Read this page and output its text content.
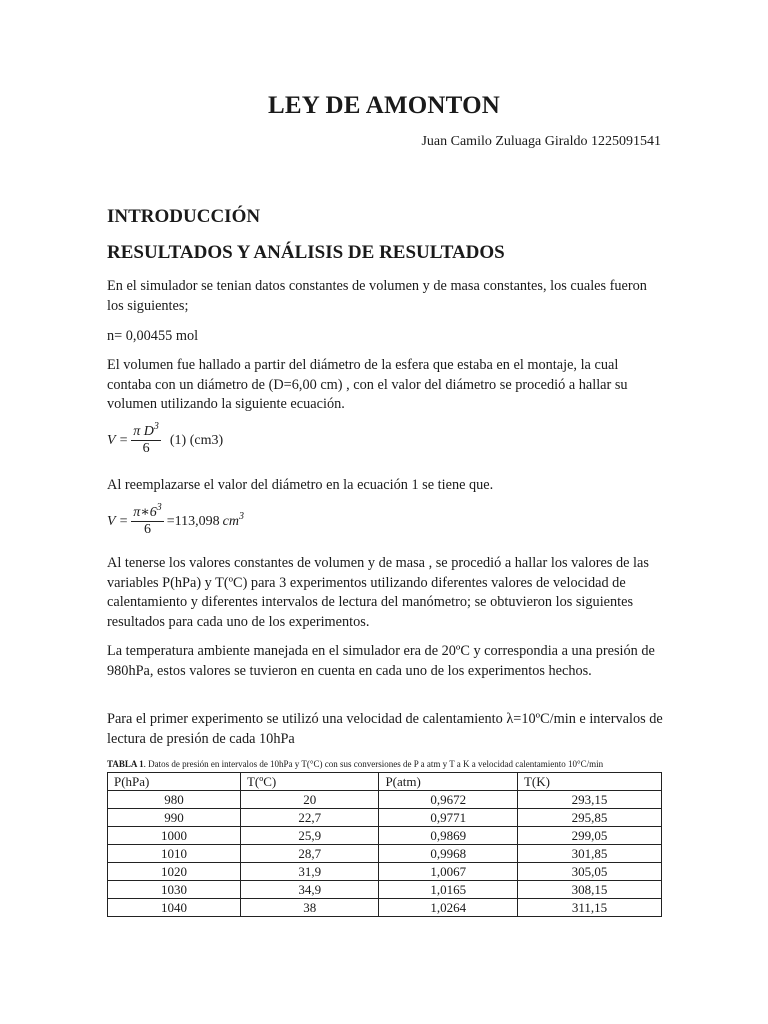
LEY DE AMONTON
Juan Camilo Zuluaga Giraldo 1225091541
INTRODUCCIÓN
RESULTADOS Y ANÁLISIS DE RESULTADOS
En el simulador se tenian datos constantes de volumen y de masa constantes, los cuales fueron los siguientes;
n= 0,00455 mol
El volumen fue hallado a partir del diámetro de la esfera que estaba en el montaje, la cual contaba con un diámetro de (D=6,00 cm) , con el valor del diámetro se procedió a hallar su volumen utilizando la siguiente ecuación.
$V = \frac{\pi D^3}{6} (1)$ (cm3)
Al reemplazarse el valor del diámetro en la ecuación 1 se tiene que.
$V = \frac{\pi∗6^3}{6} =113,098$ $cm^3$
Al tenerse los valores constantes de volumen y de masa , se procedió a hallar los valores de las variables P(hPa) y T(ºC) para 3 experimentos utilizando diferentes valores de velocidad de calentamiento y diferentes intervalos de lectura del manómetro; se obtuvieron los siguientes resultados para cada uno de los experimentos.
La temperatura ambiente manejada en el simulador era de 20ºC y correspondia a una presión de 980hPa, estos valores se tuvieron en cuenta en cada uno de los experimentos hechos.
Para el primer experimento se utilizó una velocidad de calentamiento λ=10ºC/min e intervalos de lectura de presión de cada 10hPa
TABLA 1. Datos de presión en intervalos de 10hPa y T(°C) con sus conversiones de P a atm y T a K a velocidad calentamiento 10°C/min
P(hPa)	T(ºC)	P(atm)	T(K)
980	20	0,9672	293,15
990	22,7	0,9771	295,85
1000	25,9	0,9869	299,05
1010	28,7	0,9968	301,85
1020	31,9	1,0067	305,05
1030	34,9	1,0165	308,15
1040	38	1,0264	311,15
